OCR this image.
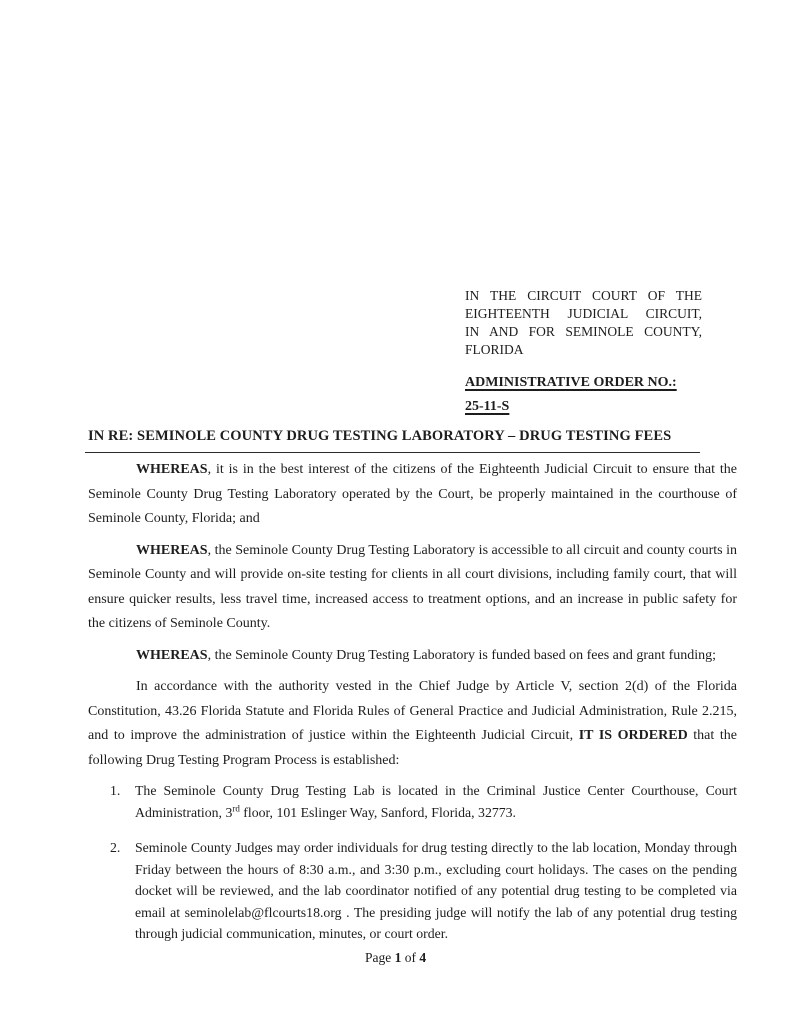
IN THE CIRCUIT COURT OF THE
EIGHTEENTH JUDICIAL CIRCUIT,
IN AND FOR SEMINOLE COUNTY,
FLORIDA
ADMINISTRATIVE ORDER NO.:
25-11-S
IN RE: SEMINOLE COUNTY DRUG TESTING LABORATORY – DRUG TESTING FEES

WHEREAS, it is in the best interest of the citizens of the Eighteenth Judicial Circuit to ensure that the Seminole County Drug Testing Laboratory operated by the Court, be properly maintained in the courthouse of Seminole County, Florida; and

WHEREAS, the Seminole County Drug Testing Laboratory is accessible to all circuit and county courts in Seminole County and will provide on-site testing for clients in all court divisions, including family court, that will ensure quicker results, less travel time, increased access to treatment options, and an increase in public safety for the citizens of Seminole County.

WHEREAS, the Seminole County Drug Testing Laboratory is funded based on fees and grant funding;

In accordance with the authority vested in the Chief Judge by Article V, section 2(d) of the Florida Constitution, 43.26 Florida Statute and Florida Rules of General Practice and Judicial Administration, Rule 2.215, and to improve the administration of justice within the Eighteenth Judicial Circuit, IT IS ORDERED that the following Drug Testing Program Process is established:

1. The Seminole County Drug Testing Lab is located in the Criminal Justice Center Courthouse, Court Administration, 3rd floor, 101 Eslinger Way, Sanford, Florida, 32773.
2. Seminole County Judges may order individuals for drug testing directly to the lab location, Monday through Friday between the hours of 8:30 a.m., and 3:30 p.m., excluding court holidays. The cases on the pending docket will be reviewed, and the lab coordinator notified of any potential drug testing to be completed via email at seminolelab@flcourts18.org . The presiding judge will notify the lab of any potential drug testing through judicial communication, minutes, or court order.
Page 1 of 4
